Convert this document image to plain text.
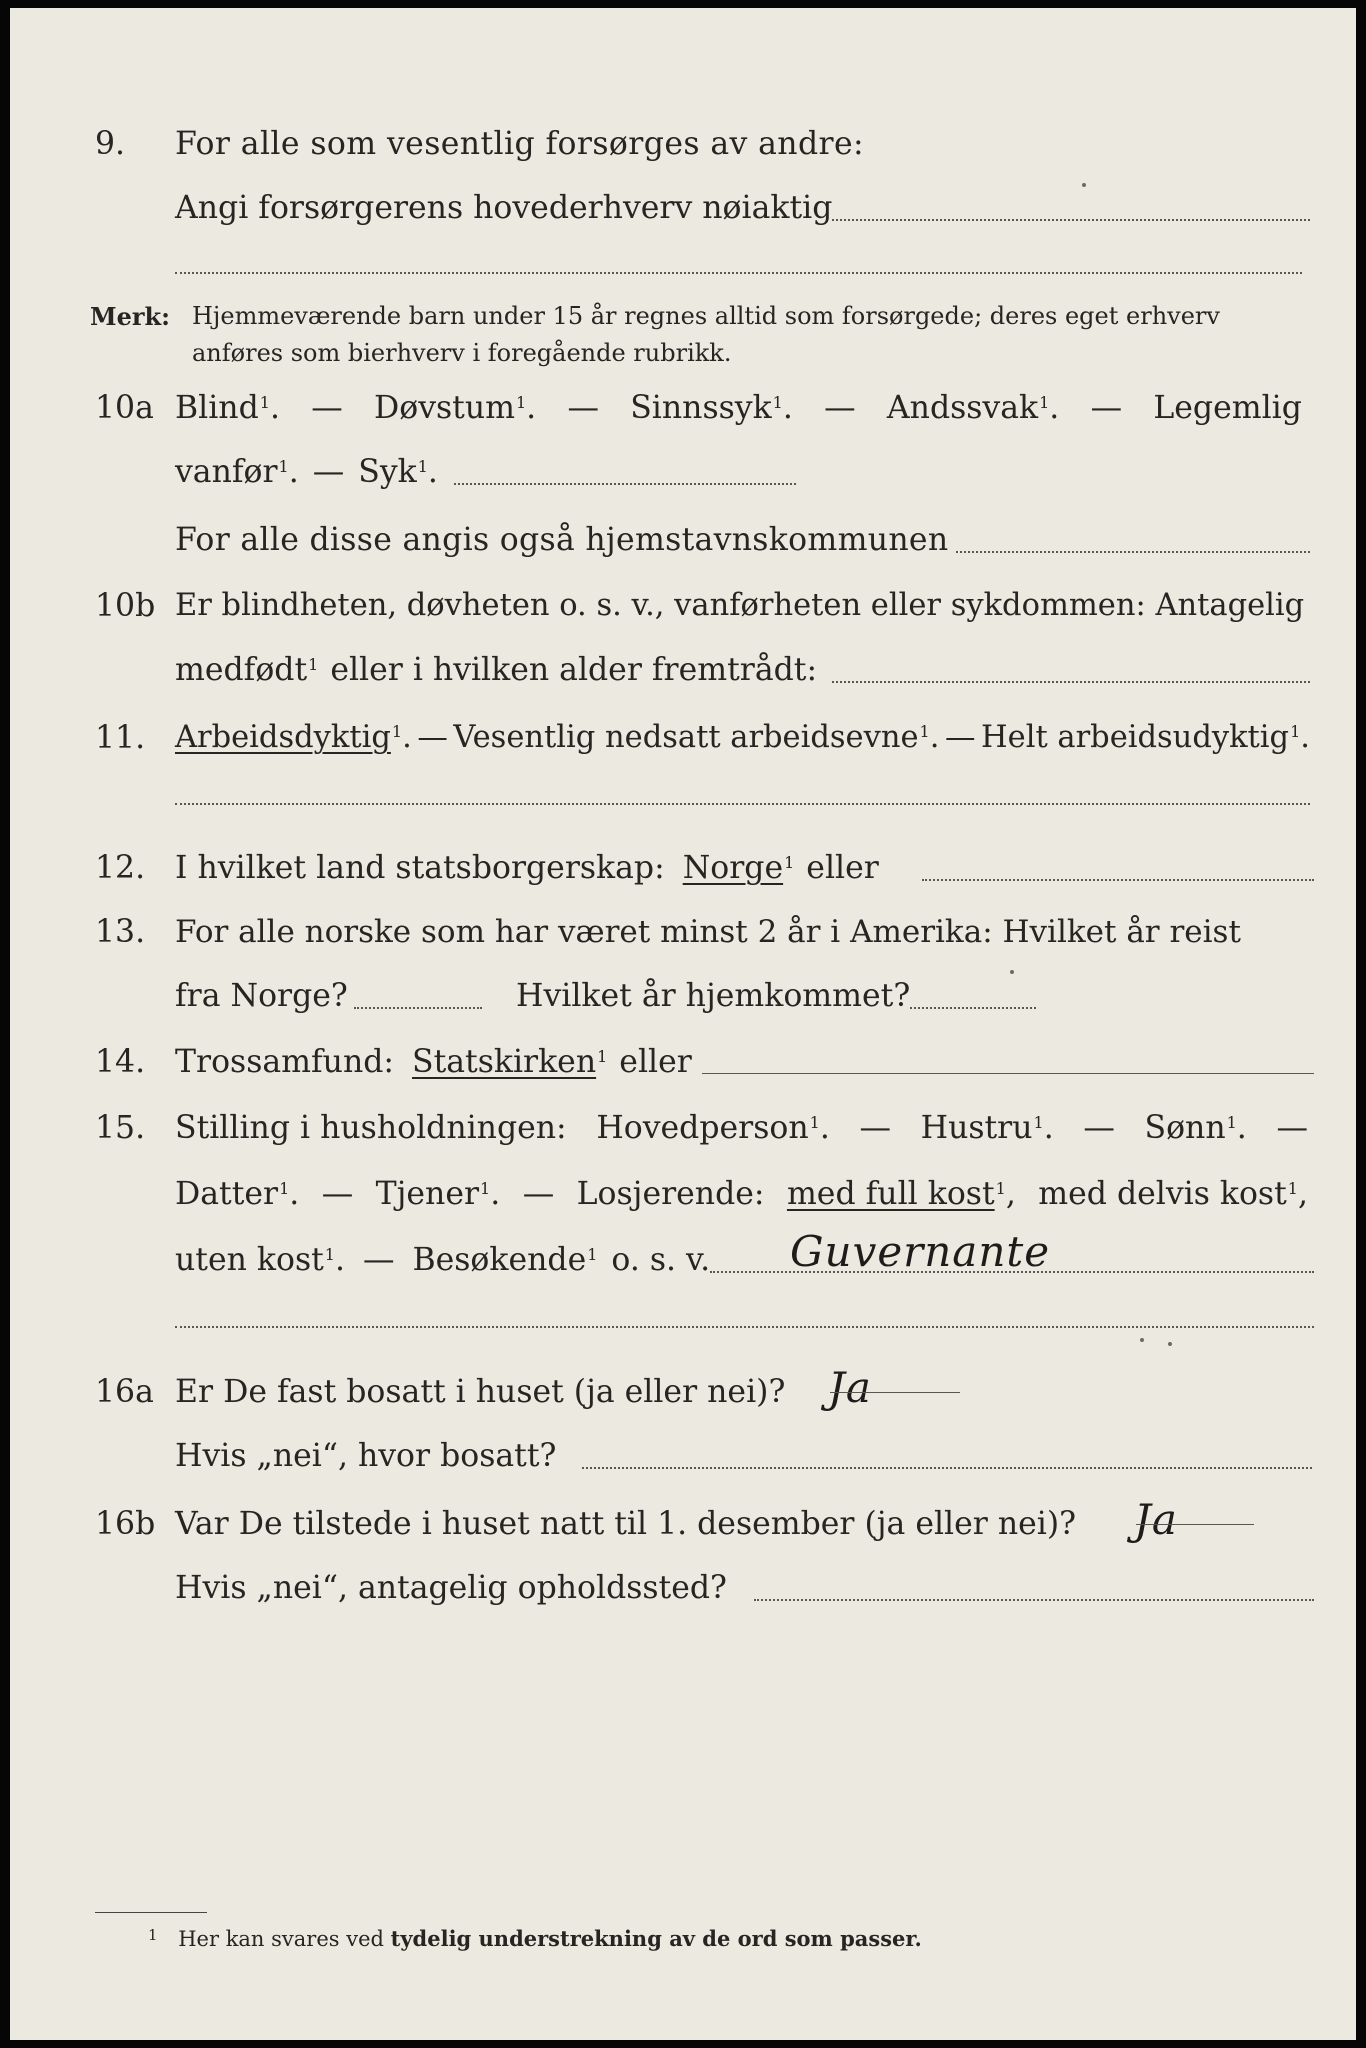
9.	For alle som vesentlig forsørges av andre:
Angi forsørgerens hovederhverv nøiaktig
Merk: Hjemmeværende barn under 15 år regnes alltid som forsørgede; deres eget erhverv
anføres som bierhverv i foregående rubrikk.
10a Blind$^1$. — Døvstum$^1$. — Sinnssyk$^1$. — Andssvak$^1$. — Legemlig
vanfør$^1$. — Syk$^1$.
For alle disse angis også hjemstavnskommunen
10b Er blindheten, døvheten o. s. v., vanførheten eller sykdommen: Antagelig
medfødt$^1$ eller i hvilken alder fremtrådt:
11. Arbeidsdyktig$^1$. — Vesentlig nedsatt arbeidsevne$^1$. — Helt arbeidsudyktig$^1$.
12. I hvilket land statsborgerskap: Norge$^1$ eller
13. For alle norske som har været minst 2 år i Amerika: Hvilket år reist
fra Norge?	Hvilket år hjemkommet?
14. Trossamfund: Statskirken$^1$ eller
15. Stilling i husholdningen: Hovedperson$^1$. — Hustru$^1$. — Sønn$^1$. —
Datter$^1$. — Tjener$^1$. — Losjerende: med full kost$^1$, med delvis kost$^1$,
uten kost$^1$. — Besøkende$^1$ o. s. v. Guvernante
16a Er De fast bosatt i huset (ja eller nei)? Ja
Hvis „nei“, hvor bosatt?
16b Var De tilstede i huset natt til 1. desember (ja eller nei)? Ja
Hvis „nei“, antagelig opholdssted?
$^1$ Her kan svares ved tydelig understrekning av de ord som passer.
